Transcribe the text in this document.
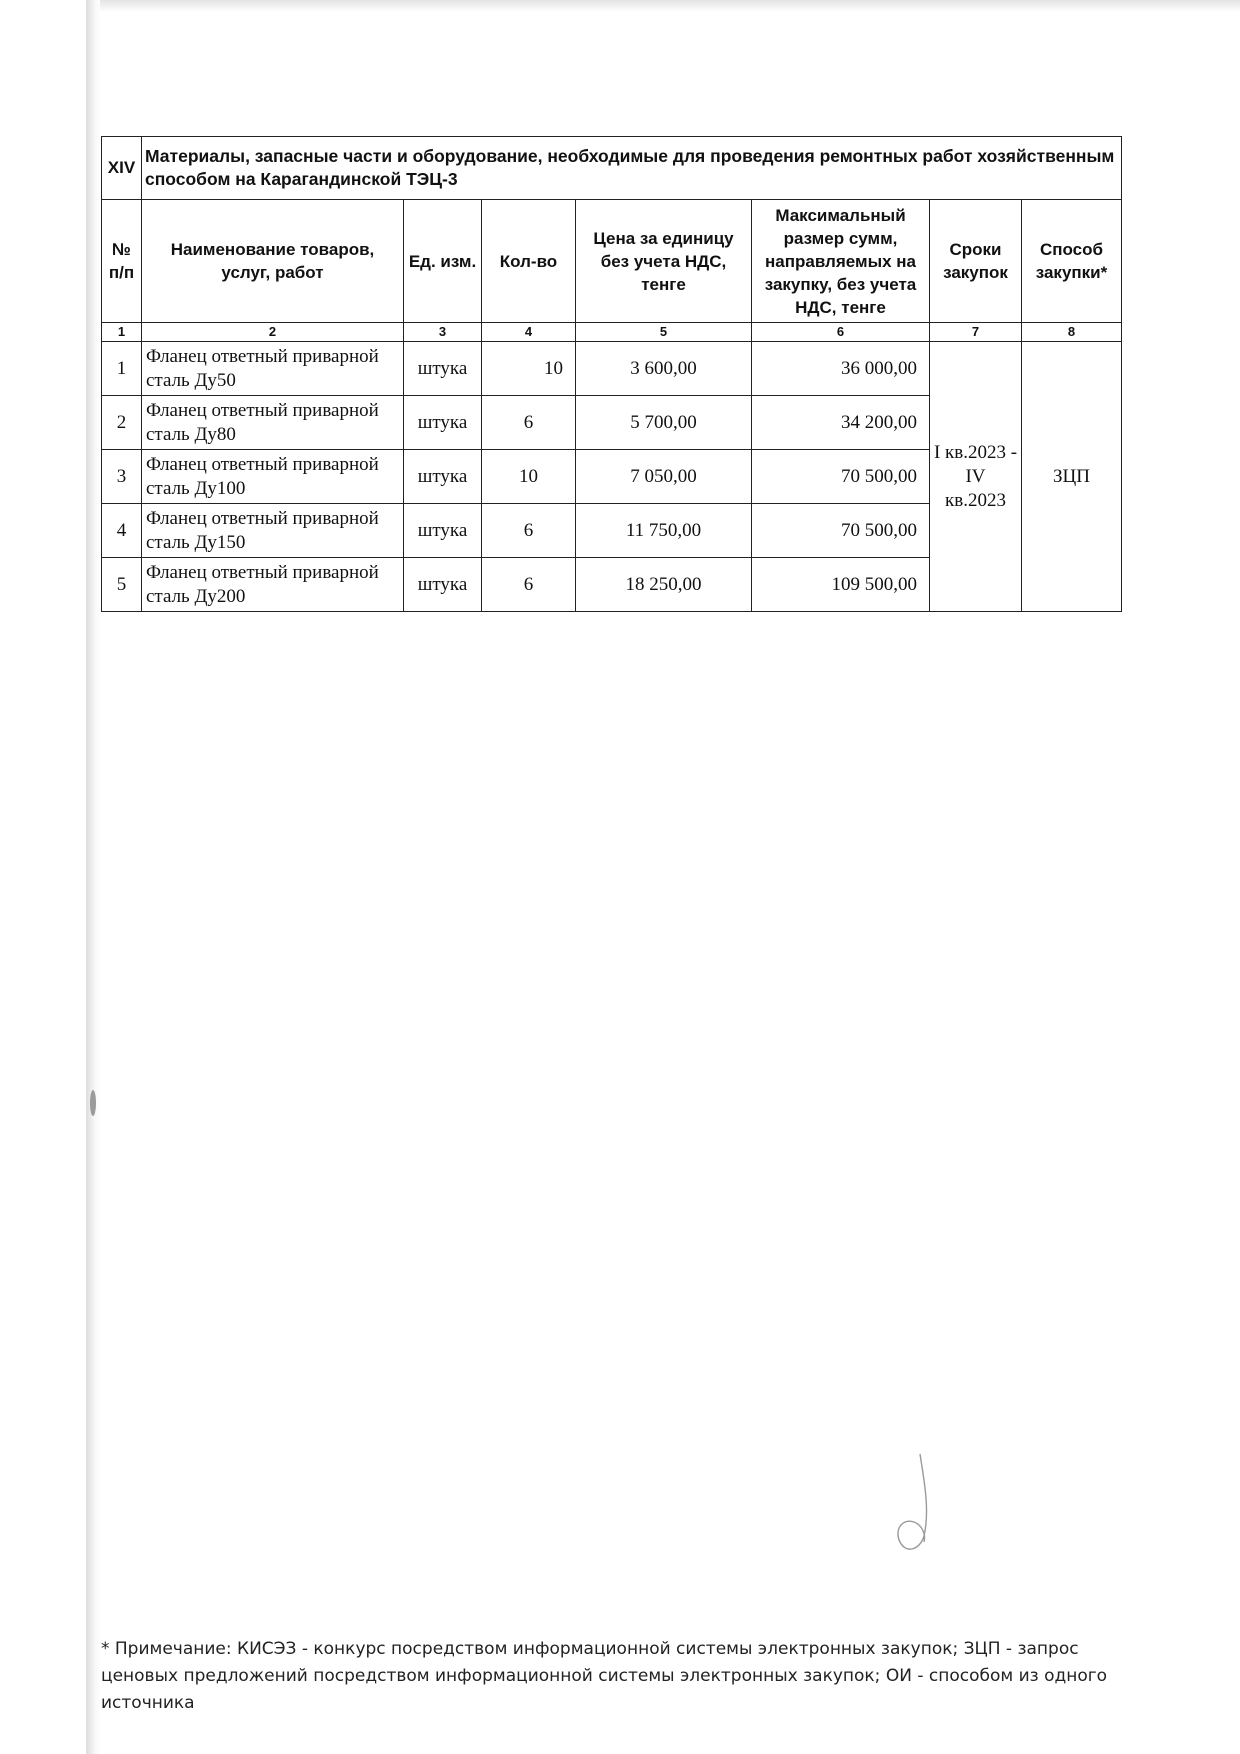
XIV	Материалы, запасные части и оборудование, необходимые для проведения ремонтных работ хозяйственным способом на Карагандинской ТЭЦ-3						
№ п/п	Наименование товаров, услуг, работ	Ед. изм.	Кол-во	Цена за единицу без учета НДС, тенге	Максимальный размер сумм, направляемых на закупку, без учета НДС, тенге	Сроки закупок	Способ закупки*
1	2	3	4	5	6	7	8
1	Фланец ответный приварной сталь Ду50	штука	10	3 600,00	36 000,00	I кв.2023 - IV кв.2023	ЗЦП
2	Фланец ответный приварной сталь Ду80	штука	6	5 700,00	34 200,00		
3	Фланец ответный приварной сталь Ду100	штука	10	7 050,00	70 500,00		
4	Фланец ответный приварной сталь Ду150	штука	6	11 750,00	70 500,00		
5	Фланец ответный приварной сталь Ду200	штука	6	18 250,00	109 500,00		
* Примечание: КИСЭЗ - конкурс посредством информационной системы электронных закупок; ЗЦП - запрос ценовых предложений посредством информационной системы электронных закупок; ОИ - способом из одного источника
